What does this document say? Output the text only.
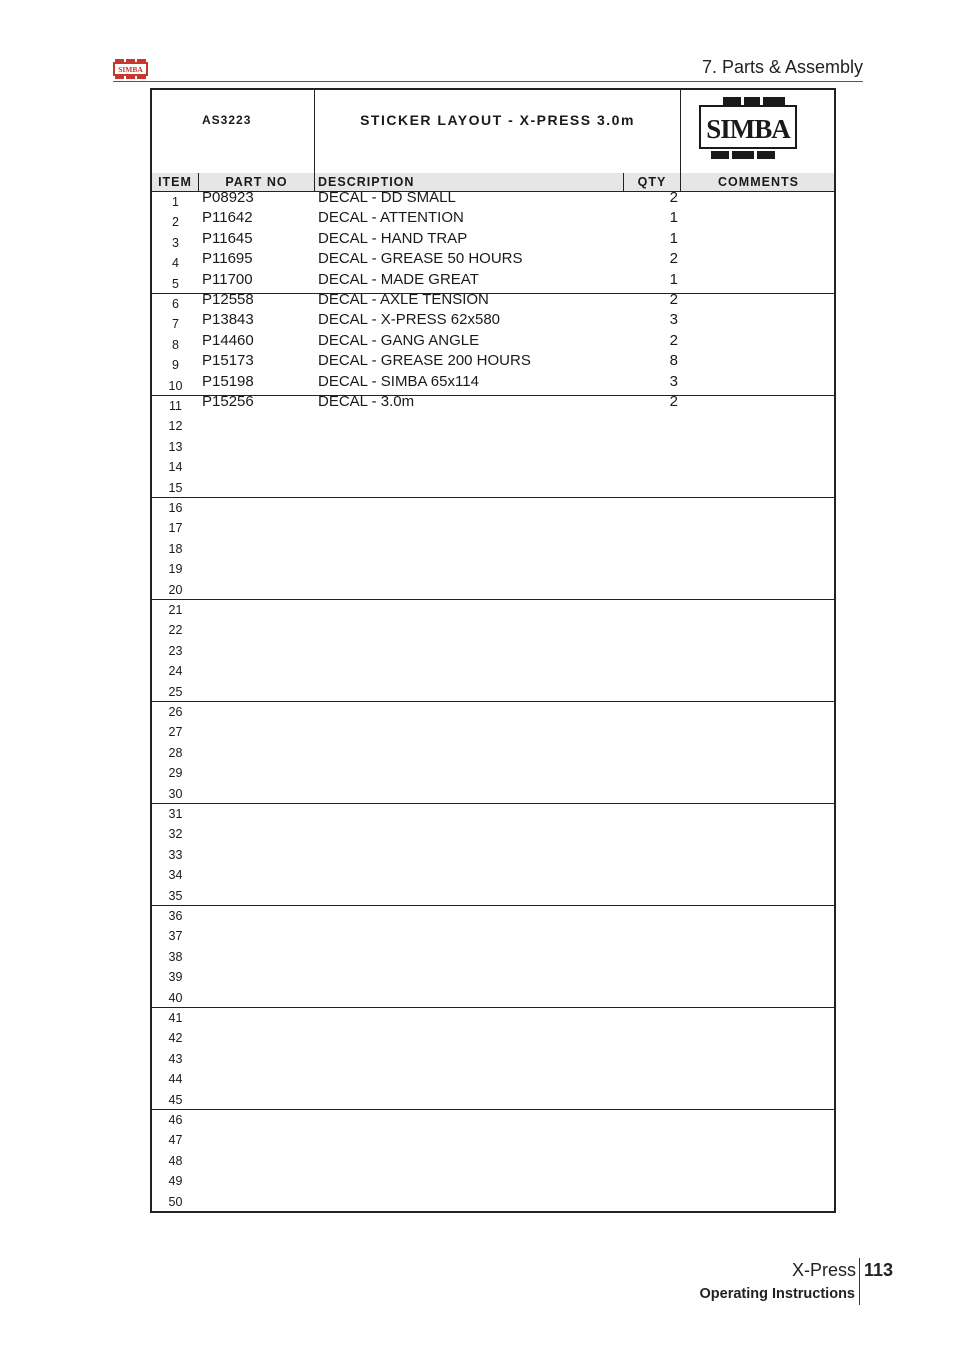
SIMBA	7. Parts & Assembly
AS3223	STICKER LAYOUT - X-PRESS 3.0m	SIMBA
ITEM	PART NO	DESCRIPTION	QTY	COMMENTS
1	P08923	DECAL - DD SMALL	2
2	P11642	DECAL - ATTENTION	1
3	P11645	DECAL - HAND TRAP	1
4	P11695	DECAL - GREASE 50 HOURS	2
5	P11700	DECAL - MADE GREAT	1
6	P12558	DECAL - AXLE TENSION	2
7	P13843	DECAL - X-PRESS 62x580	3
8	P14460	DECAL - GANG ANGLE	2
9	P15173	DECAL - GREASE 200 HOURS	8
10	P15198	DECAL - SIMBA 65x114	3
11	P15256	DECAL - 3.0m	2
12
13
14
15
16
17
18
19
20
21
22
23
24
25
26
27
28
29
30
31
32
33
34
35
36
37
38
39
40
41
42
43
44
45
46
47
48
49
50
X-Press 113
Operating Instructions
